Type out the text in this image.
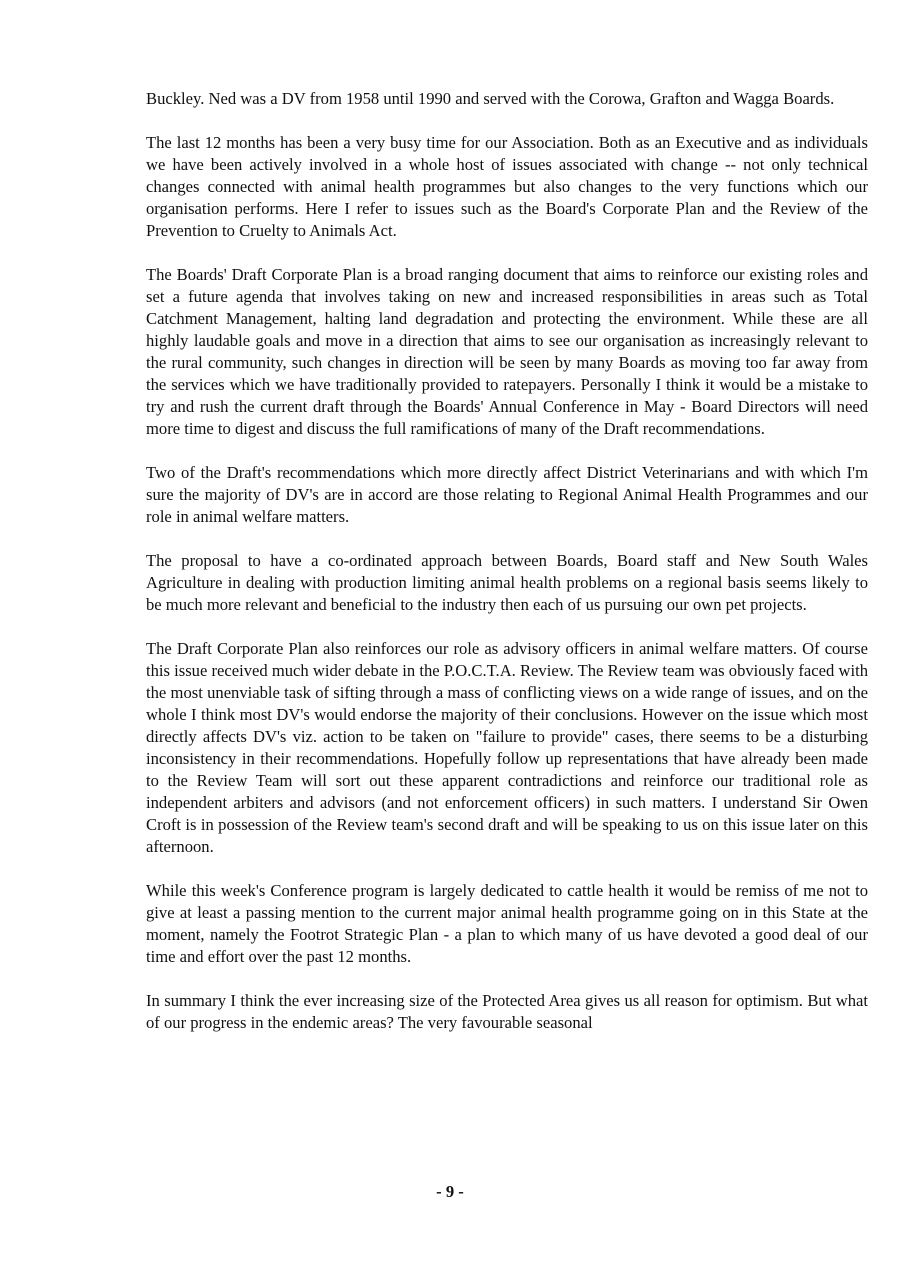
Buckley. Ned was a DV from 1958 until 1990 and served with the Corowa, Grafton and Wagga Boards.

The last 12 months has been a very busy time for our Association. Both as an Executive and as individuals we have been actively involved in a whole host of issues associated with change -- not only technical changes connected with animal health programmes but also changes to the very functions which our organisation performs. Here I refer to issues such as the Board's Corporate Plan and the Review of the Prevention to Cruelty to Animals Act.

The Boards' Draft Corporate Plan is a broad ranging document that aims to reinforce our existing roles and set a future agenda that involves taking on new and increased responsibilities in areas such as Total Catchment Management, halting land degradation and protecting the environment. While these are all highly laudable goals and move in a direction that aims to see our organisation as increasingly relevant to the rural community, such changes in direction will be seen by many Boards as moving too far away from the services which we have traditionally provided to ratepayers. Personally I think it would be a mistake to try and rush the current draft through the Boards' Annual Conference in May - Board Directors will need more time to digest and discuss the full ramifications of many of the Draft recommendations.

Two of the Draft's recommendations which more directly affect District Veterinarians and with which I'm sure the majority of DV's are in accord are those relating to Regional Animal Health Programmes and our role in animal welfare matters.

The proposal to have a co-ordinated approach between Boards, Board staff and New South Wales Agriculture in dealing with production limiting animal health problems on a regional basis seems likely to be much more relevant and beneficial to the industry then each of us pursuing our own pet projects.

The Draft Corporate Plan also reinforces our role as advisory officers in animal welfare matters. Of course this issue received much wider debate in the P.O.C.T.A. Review. The Review team was obviously faced with the most unenviable task of sifting through a mass of conflicting views on a wide range of issues, and on the whole I think most DV's would endorse the majority of their conclusions. However on the issue which most directly affects DV's viz. action to be taken on "failure to provide" cases, there seems to be a disturbing inconsistency in their recommendations. Hopefully follow up representations that have already been made to the Review Team will sort out these apparent contradictions and reinforce our traditional role as independent arbiters and advisors (and not enforcement officers) in such matters. I understand Sir Owen Croft is in possession of the Review team's second draft and will be speaking to us on this issue later on this afternoon.

While this week's Conference program is largely dedicated to cattle health it would be remiss of me not to give at least a passing mention to the current major animal health programme going on in this State at the moment, namely the Footrot Strategic Plan - a plan to which many of us have devoted a good deal of our time and effort over the past 12 months.

In summary I think the ever increasing size of the Protected Area gives us all reason for optimism. But what of our progress in the endemic areas? The very favourable seasonal

- 9 -
